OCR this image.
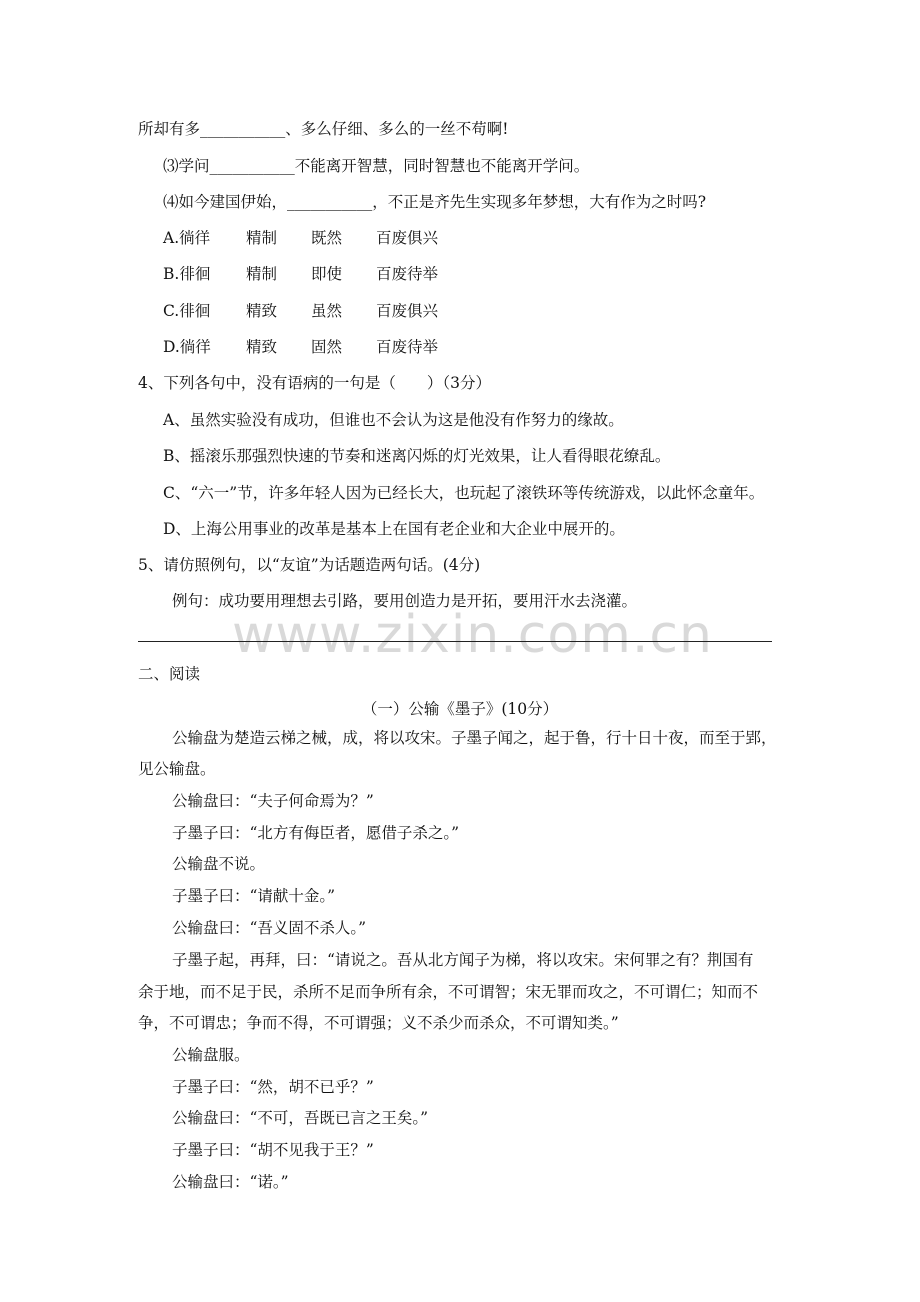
所却有多___________、多么仔细、多么的一丝不苟啊!
⑶学问___________不能离开智慧，同时智慧也不能离开学问。
⑷如今建国伊始，___________，不正是齐先生实现多年梦想，大有作为之时吗?
A.徜徉 精制 既然 百废俱兴
B.徘徊 精制 即使 百废待举
C.徘徊 精致 虽然 百废俱兴
D.徜徉 精致 固然 百废待举
4、下列各句中，没有语病的一句是（　　）（3分）
A、虽然实验没有成功，但谁也不会认为这是他没有作努力的缘故。
B、摇滚乐那强烈快速的节奏和迷离闪烁的灯光效果，让人看得眼花缭乱。
C、“六一”节，许多年轻人因为已经长大，也玩起了滚铁环等传统游戏，以此怀念童年。
D、上海公用事业的改革是基本上在国有老企业和大企业中展开的。
5、请仿照例句，以“友谊”为话题造两句话。(4分)
例句：成功要用理想去引路，要用创造力是开拓，要用汗水去浇灌。
www.zixin.com.cn
二、阅读
（一）公输《墨子》(10分）
公输盘为楚造云梯之械，成，将以攻宋。子墨子闻之，起于鲁，行十日十夜，而至于郢，
见公输盘。
公输盘曰：“夫子何命焉为？”
子墨子曰：“北方有侮臣者，愿借子杀之。”
公输盘不说。
子墨子曰：“请献十金。”
公输盘曰：“吾义固不杀人。”
子墨子起，再拜，曰：“请说之。吾从北方闻子为梯，将以攻宋。宋何罪之有？荆国有
余于地，而不足于民，杀所不足而争所有余，不可谓智；宋无罪而攻之，不可谓仁；知而不
争，不可谓忠；争而不得，不可谓强；义不杀少而杀众，不可谓知类。”
公输盘服。
子墨子曰：“然，胡不已乎？”
公输盘曰：“不可，吾既已言之王矣。”
子墨子曰：“胡不见我于王？”
公输盘曰：“诺。”
